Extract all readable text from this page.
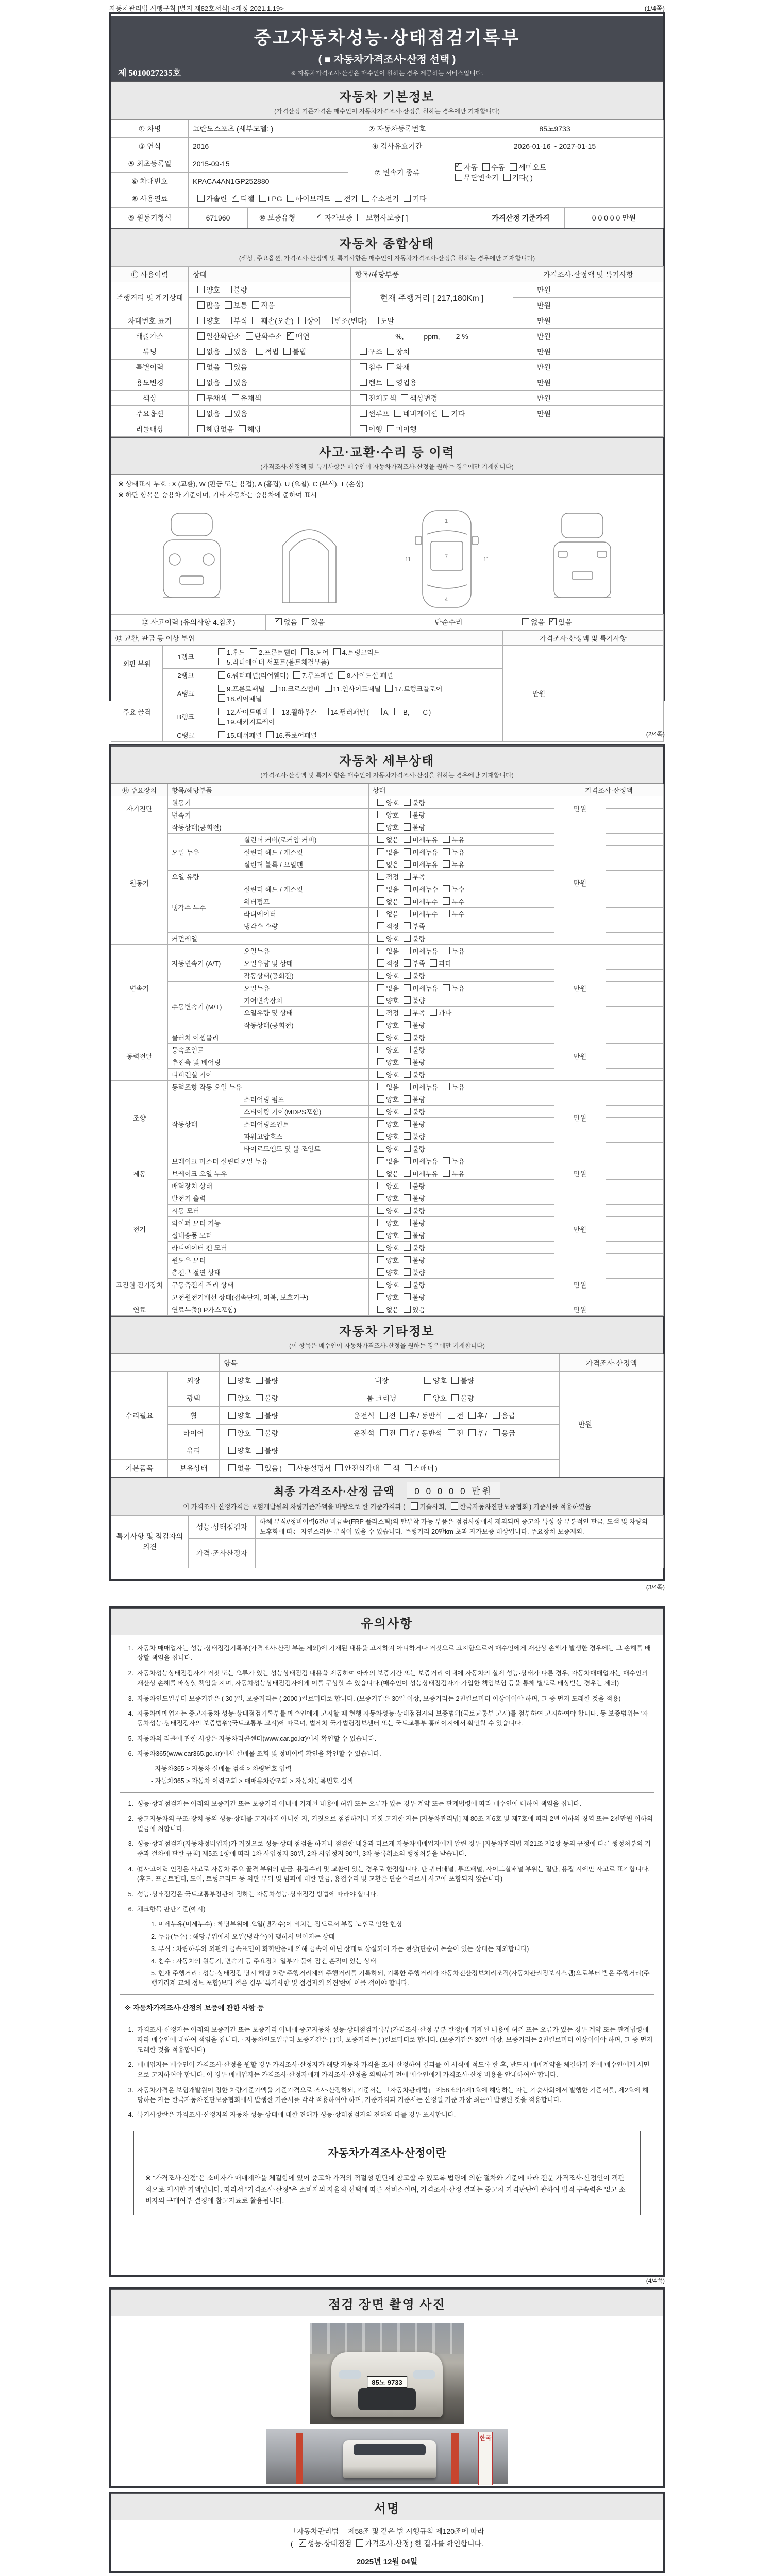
자동차관리법 시행규칙 [별지 제82호서식] <개정 2021.1.19>	(1/4쪽)
중고자동차성능·상태점검기록부
( ■ 자동차가격조사·산정 선택 )
※ 자동차가격조사·산정은 매수인이 원하는 경우 제공하는 서비스입니다.
제 5010027235호
자동차 기본정보
(가격산정 기준가격은 매수인이 자동차가격조사·산정을 원하는 경우에만 기재합니다)
① 차명	코란도스포츠 (세부모델: )	② 자동차등록번호	85노9733
③ 연식	2016	④ 검사유효기간	2026-01-16 ~ 2027-01-15
⑤ 최초등록일	2015-09-15	⑦ 변속기 종류	✓자동 수동 세미오토
무단변속기 기타( )
⑥ 차대번호	KPACA4AN1GP252880		
⑧ 사용연료	가솔린 ✓ 디젤 LPG 하이브리드 전기 수소전기 기타
⑨ 원동기형식	671960	⑩ 보증유형	✓자가보증 보험사보증 [ ]	가격산정 기준가격	0 0 0 0 0 만원
자동차 종합상태
(색상, 주요옵션, 가격조사·산정액 및 특기사항은 매수인이 자동차가격조사·산정을 원하는 경우에만 기재합니다)
⑪ 사용이력	상태	항목/해당부품	가격조사·산정액 및 특기사항	
주행거리 및 계기상태	양호 불량	현재 주행거리 [ 217,180Km ]	만원	
	많음 보통 적음		만원	
차대번호 표기	양호 부식 훼손(오손) 상이 변조(변타) 도말		만원	
배출가스	일산화탄소 탄화수소 ✓ 매연	%,          ppm,        2 %	만원	
튜닝	없음 있음 적법 불법	구조 장치	만원	
특별이력	없음 있음	침수 화재	만원	
용도변경	없음 있음	렌트 영업용	만원	
색상	무채색 유채색	전체도색 색상변경	만원	
주요옵션	없음 있음	썬루프 네비게이션 기타	만원	
리콜대상	해당없음 해당	이행 미이행		
사고·교환·수리 등 이력
(가격조사·산정액 및 특기사항은 매수인이 자동차가격조사·산정을 원하는 경우에만 기재합니다)
※ 상태표시 부호 : X (교환), W (판금 또는 용접), A (흠집), U (요철), C (부식), T (손상)
※ 하단 항목은 승용차 기준이며, 기타 자동차는 승용차에 준하여 표시
1
7
4
11	11
⑫ 사고이력 (유의사항 4.참조)	✓없음 있음	단순수리	없음 ✓ 있음
⑬ 교환, 판금 등 이상 부위	가격조사·산정액 및 특기사항
외판 부위	1랭크	1.후드 2.프론트휀더 3.도어 4.트렁크리드
5.라디에이터 서포트(볼트체결부품)	만원	
	2랭크	6.쿼터패널(리어휀다) 7.루프패널 8.사이드실 패널		
주요 골격	A랭크	9.프론트패널 10.크로스멤버 11.인사이드패널 17.트렁크플로어
18.리어패널		
	B랭크	12.사이드멤버 13.휠하우스 14.필러패널 ( A, B, C )
19.패키지트레이		
	C랭크	15.대쉬패널 16.플로어패널			(2/4쪽)
자동차 세부상태
(가격조사·산정액 및 특기사항은 매수인이 자동차가격조사·산정을 원하는 경우에만 기재합니다)
⑭ 주요장치	항목/해당부품		상태	가격조사·산정액	
자기진단	원동기		양호 불량	만원	
	변속기		양호 불량		
원동기	작동상태(공회전)		양호 불량	만원	
	오일 누유	실린더 커버(로커암 커버)	없음 미세누유 누유		
		실린더 헤드 / 개스킷	없음 미세누유 누유		
		실린더 블록 / 오일팬	없음 미세누유 누유		
	오일 유량		적정 부족		
	냉각수 누수	실린더 헤드 / 개스킷	없음 미세누수 누수		
		워터펌프	없음 미세누수 누수		
		라디에이터	없음 미세누수 누수		
		냉각수 수량	적정 부족		
	커먼레일		양호 불량		
변속기	자동변속기 (A/T)	오일누유	없음 미세누유 누유	만원	
		오일유량 및 상태	적정 부족 과다		
		작동상태(공회전)	양호 불량		
	수동변속기 (M/T)	오일누유	없음 미세누유 누유		
		기어변속장치	양호 불량		
		오일유량 및 상태	적정 부족 과다		
		작동상태(공회전)	양호 불량		
동력전달	클러치 어셈블리		양호 불량	만원	
	등속죠인트		양호 불량		
	추진축 및 베어링		양호 불량		
	디퍼렌셜 기어		양호 불량		
조향	동력조향 작동 오일 누유		없음 미세누유 누유	만원	
	작동상태	스티어링 펌프	양호 불량		
		스티어링 기어(MDPS포함)	양호 불량		
		스티어링조인트	양호 불량		
		파워고압호스	양호 불량		
		타이로드엔드 및 볼 조인트	양호 불량		
제동	브레이크 마스터 실린더오일 누유		없음 미세누유 누유	만원	
	브레이크 오일 누유		없음 미세누유 누유		
	배력장치 상태		양호 불량		
전기	발전기 출력		양호 불량	만원	
	시동 모터		양호 불량		
	와이퍼 모터 기능		양호 불량		
	실내송풍 모터		양호 불량		
	라디에이터 팬 모터		양호 불량		
	윈도우 모터		양호 불량		
고전원 전기장치	충전구 절연 상태		양호 불량	만원	
	구동축전지 격리 상태		양호 불량		
	고전원전기배선 상태(접속단자, 피복, 보호기구)		양호 불량		
연료	연료누출(LP가스포함)		없음 있음	만원	
자동차 기타정보
(이 항목은 매수인이 자동차가격조사·산정을 원하는 경우에만 기재합니다)
		항목			가격조사·산정액	
수리필요	외장	양호 불량	내장	양호 불량	만원	
	광택	양호 불량	룸 크리닝	양호 불량		
	휠	양호 불량	운전석 전 후 / 동반석 전 후 / 응급			
	타이어	양호 불량	운전석 전 후 / 동반석 전 후 / 응급			
	유리	양호 불량				
기본품목	보유상태	없음 있음 ( 사용설명서 안전삼각대 잭 스패너 )				
최종 가격조사·산정 금액 0 0 0 0 0 만원
이 가격조사·산정가격은 보험개발원의 차량기준가액을 바탕으로 한 기준가격과 ( 기술사회, 한국자동차진단보증협회 ) 기준서를 적용하였음
특기사항 및 점검자의 의견	성능·상태점검자	하체 부식//정비이력6건// 비금속(FRP 플라스틱)의 탈부착 가능 부품은 점검사항에서 제외되며 중고차 특성 상 부분적인 판금, 도색 및 차량의 노후화에 따른 자연스러운 부식이 있을 수 있습니다. 주행거리 20만km 초과 자가보증 대상입니다. 주요장치 보증제외.
	가격·조사산정자	
(3/4쪽)
유의사항
1. 자동차 매매업자는 성능·상태점검기록부(가격조사·산정 부분 제외)에 기재된 내용을 고지하지 아니하거나 거짓으로 고지함으로써 매수인에게 재산상 손해가 발생한 경우에는 그 손해를 배상할 책임을 집니다.
2. 자동차성능상태점검자가 거짓 또는 오류가 있는 성능상태점검 내용을 제공하여 아래의 보증기간 또는 보증거리 이내에 자동차의 실제 성능·상태가 다른 경우, 자동차매매업자는 매수인의 재산상 손해를 배상할 책임을 지며, 자동차성능상태점검자에게 이를 구상할 수 있습니다.(매수인이 성능상태점검자가 가입한 책임보험 등을 통해 별도로 배상받는 경우는 제외)
3. 자동차인도일부터 보증기간은 ( 30 )일, 보증거리는 ( 2000 )킬로미터로 합니다. (보증기간은 30일 이상, 보증거리는 2천킬로미터 이상이어야 하며, 그 중 먼저 도래한 것을 적용)
4. 자동차매매업자는 중고자동차 성능·상태점검기록부를 매수인에게 고지할 때 현행 자동차성능·상태점검자의 보증범위(국토교통부 고시)를 첨부하여 고지하여야 합니다. 동 보증범위는 '자동차성능·상태점검자의 보증범위'(국토교통부 고시)에 따르며, 법제처 국가법령정보센터 또는 국토교통부 홈페이지에서 확인할 수 있습니다.
5. 자동차의 리콜에 관한 사항은 자동차리콜센터(www.car.go.kr)에서 확인할 수 있습니다.
6. 자동차365(www.car365.go.kr)에서 실매물 조회 및 정비이력 확인을 확인할 수 있습니다.
- 자동차365 > 자동차 실매물 검색 > 차량번호 입력
- 자동차365 > 자동차 이력조회 > 매매용차량조회 > 자동차등록번호 검색
1. 성능·상태점검자는 아래의 보증기간 또는 보증거리 이내에 기재된 내용에 허위 또는 오류가 있는 경우 계약 또는 관계법령에 따라 매수인에 대하여 책임을 집니다.
2. 중고자동차의 구조·장치 등의 성능·상태를 고지하지 아니한 자, 거짓으로 점검하거나 거짓 고지한 자는 [자동차관리법] 제 80조 제6호 및 제7호에 따라 2년 이하의 징역 또는 2천만원 이하의 벌금에 처합니다.
3. 성능·상태점검자(자동차정비업자)가 거짓으로 성능·상태 점검을 하거나 점검한 내용과 다르게 자동차매매업자에게 알린 경우 [자동차관리법 제21조 제2항 등의 규정에 따른 행정처분의 기준과 절차에 관한 규칙] 제5조 1항에 따라 1차 사업정지 30일, 2차 사업정지 90일, 3차 등록취소의 행정처분을 받습니다.
4. ⑫사고이력 인정은 사고로 자동차 주요 골격 부위의 판금, 용접수리 및 교환이 있는 경우로 한정합니다. 단 쿼터패널, 루프패널, 사이드실패널 부위는 절단, 용접 시에만 사고로 표기합니다. (후드, 프론트펜더, 도어, 트렁크리드 등 외판 부위 및 범퍼에 대한 판금, 용접수리 및 교환은 단순수리로서 사고에 포함되지 않습니다)
5. 성능·상태점검은 국토교통부장관이 정하는 자동차성능·상태점검 방법에 따라야 합니다.
6. 체크항목 판단기준(예시)
1. 미세누유(미세누수) : 해당부위에 오일(냉각수)이 비치는 정도로서 부품 노후로 인한 현상
2. 누유(누수) : 해당부위에서 오일(냉각수)이 맺혀서 떨어지는 상태
3. 부식 : 차량하부와 외판의 금속표면이 화학반응에 의해 금속이 아닌 상태로 상실되어 가는 현상(단순히 녹슬어 있는 상태는 제외합니다)
4. 침수 : 자동차의 원동기, 변속기 등 주요장치 일부가 물에 잠긴 흔적이 있는 상태
5. 현재 주행거리 : 성능·상태점검 당시 해당 차량 주행거리계의 주행거리를 기록하되, 기록한 주행거리가 자동차전산정보처리조직(자동차관리정보시스템)으로부터 받은 주행거리(주행거리계 교체 정보 포함)보다 적은 경우 '특기사항 및 점검자의 의견'란에 이를 적어야 합니다.
※ 자동차가격조사·산정의 보증에 관한 사항 등
1. 가격조사·산정자는 아래의 보증기간 또는 보증거리 이내에 중고자동차 성능·상태점검기록부(가격조사·산정 부분 한정)에 기재된 내용에 허위 또는 오류가 있는 경우 계약 또는 관계법령에 따라 매수인에 대하여 책임을 집니다. · 자동차인도일부터 보증기간은 ( )일, 보증거리는 ( )킬로미터로 합니다. (보증기간은 30일 이상, 보증거리는 2천킬로미터 이상이어야 하며, 그 중 먼저 도래한 것을 적용합니다)
2. 매매업자는 매수인이 가격조사·산정을 원할 경우 가격조사·산정자가 해당 자동차 가격을 조사·산정하여 결과를 이 서식에 적도록 한 후, 반드시 매매계약을 체결하기 전에 매수인에게 서면으로 고지하여야 합니다. 이 경우 매매업자는 가격조사·산정자에게 가격조사·산정을 의뢰하기 전에 매수인에게 가격조사·산정 비용을 안내하여야 합니다.
3. 자동차가격은 보험개발원이 정한 차량기준가액을 기준가격으로 조사·산정하되, 기준서는 「자동차관리법」 제58조의4제1호에 해당하는 자는 기술사회에서 발행한 기준서를, 제2호에 해당하는 자는 한국자동차진단보증협회에서 발행한 기준서를 각각 적용하여야 하며, 기준가격과 기준서는 산정일 기준 가장 최근에 발행된 것을 적용합니다.
4. 특기사항란은 가격조사·산정자의 자동차 성능·상태에 대한 견해가 성능·상태점검자의 견해와 다를 경우 표시합니다.
자동차가격조사·산정이란
※ "가격조사·산정"은 소비자가 매매계약을 체결함에 있어 중고차 가격의 적절성 판단에 참고할 수 있도록 법령에 의한 절차와 기준에 따라 전문 가격조사·산정인이 객관적으로 제시한 가액입니다. 따라서 "가격조사·산정"은 소비자의 자율적 선택에 따른 서비스이며, 가격조사·산정 결과는 중고차 가격판단에 관하여 법적 구속력은 없고 소비자의 구매여부 결정에 참고자료로 활용됩니다.
(4/4쪽)
점검 장면 촬영 사진
85노 9733
한국
서명
「자동차관리법」 제58조 및 같은 법 시행규칙 제120조에 따라
( ✓ 성능·상태점검 가격조사·산정 ) 한 결과를 확인합니다.
2025년 12월 04일
